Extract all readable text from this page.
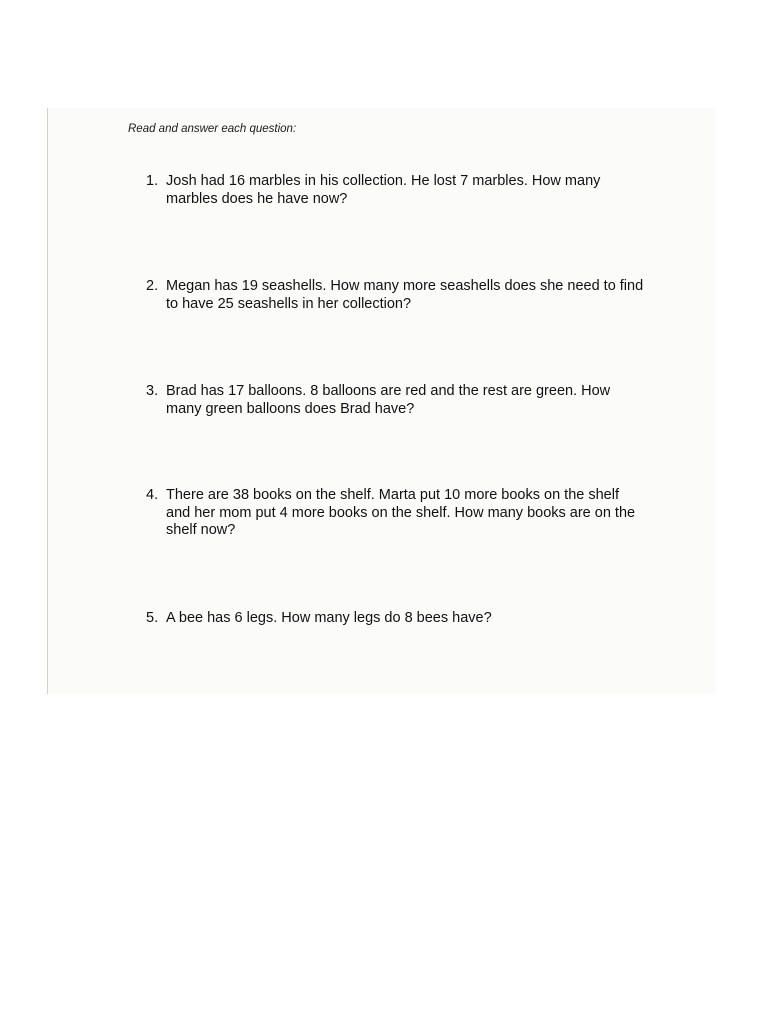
Read and answer each question:

1. Josh had 16 marbles in his collection. He lost 7 marbles. How many marbles does he have now?

2. Megan has 19 seashells. How many more seashells does she need to find to have 25 seashells in her collection?

3. Brad has 17 balloons. 8 balloons are red and the rest are green. How many green balloons does Brad have?

4. There are 38 books on the shelf. Marta put 10 more books on the shelf and her mom put 4 more books on the shelf. How many books are on the shelf now?

5. A bee has 6 legs. How many legs do 8 bees have?
